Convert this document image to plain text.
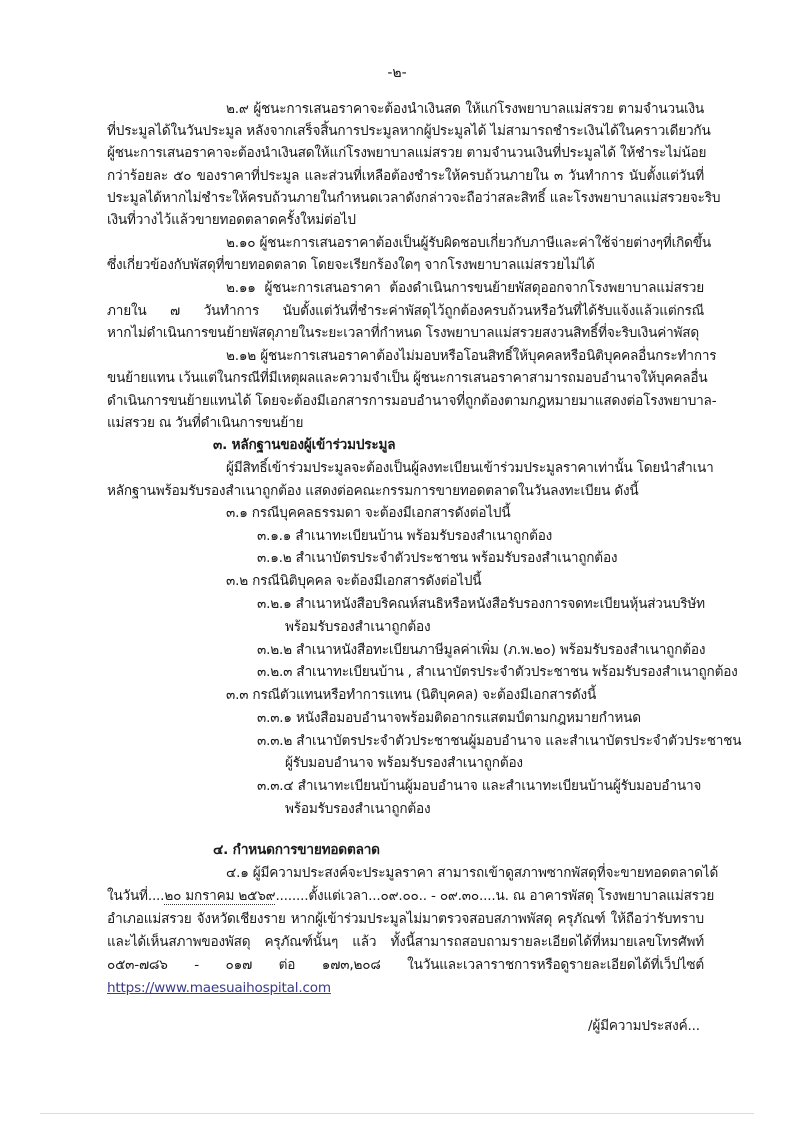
-๒-
๒.๙ ผู้ชนะการเสนอราคาจะต้องนำเงินสด ให้แก่โรงพยาบาลแม่สรวย ตามจำนวนเงิน
ที่ประมูลได้ในวันประมูล หลังจากเสร็จสิ้นการประมูลหากผู้ประมูลได้ ไม่สามารถชำระเงินได้ในคราวเดียวกัน
ผู้ชนะการเสนอราคาจะต้องนำเงินสดให้แก่โรงพยาบาลแม่สรวย ตามจำนวนเงินที่ประมูลได้ ให้ชำระไม่น้อย
กว่าร้อยละ ๕๐ ของราคาที่ประมูล และส่วนที่เหลือต้องชำระให้ครบถ้วนภายใน ๓ วันทำการ นับตั้งแต่วันที่
ประมูลได้หากไม่ชำระให้ครบถ้วนภายในกำหนดเวลาดังกล่าวจะถือว่าสละสิทธิ์ และโรงพยาบาลแม่สรวยจะริบ
เงินที่วางไว้แล้วขายทอดตลาดครั้งใหม่ต่อไป
๒.๑๐ ผู้ชนะการเสนอราคาต้องเป็นผู้รับผิดชอบเกี่ยวกับภาษีและค่าใช้จ่ายต่างๆที่เกิดขึ้น
ซึ่งเกี่ยวข้องกับพัสดุที่ขายทอดตลาด โดยจะเรียกร้องใดๆ จากโรงพยาบาลแม่สรวยไม่ได้
๒.๑๑ ผู้ชนะการเสนอราคา ต้องดำเนินการขนย้ายพัสดุออกจากโรงพยาบาลแม่สรวย
ภายใน ๗ วันทำการ นับตั้งแต่วันที่ชำระค่าพัสดุไว้ถูกต้องครบถ้วนหรือวันที่ได้รับแจ้งแล้วแต่กรณี
หากไม่ดำเนินการขนย้ายพัสดุภายในระยะเวลาที่กำหนด โรงพยาบาลแม่สรวยสงวนสิทธิ์ที่จะริบเงินค่าพัสดุ
๒.๑๒ ผู้ชนะการเสนอราคาต้องไม่มอบหรือโอนสิทธิ์ให้บุคคลหรือนิติบุคคลอื่นกระทำการ
ขนย้ายแทน เว้นแต่ในกรณีที่มีเหตุผลและความจำเป็น ผู้ชนะการเสนอราคาสามารถมอบอำนาจให้บุคคลอื่น
ดำเนินการขนย้ายแทนได้ โดยจะต้องมีเอกสารการมอบอำนาจที่ถูกต้องตามกฎหมายมาแสดงต่อโรงพยาบาล-
แม่สรวย ณ วันที่ดำเนินการขนย้าย
๓. หลักฐานของผู้เข้าร่วมประมูล
ผู้มีสิทธิ์เข้าร่วมประมูลจะต้องเป็นผู้ลงทะเบียนเข้าร่วมประมูลราคาเท่านั้น โดยนำสำเนา
หลักฐานพร้อมรับรองสำเนาถูกต้อง แสดงต่อคณะกรรมการขายทอดตลาดในวันลงทะเบียน ดังนี้
๓.๑ กรณีบุคคลธรรมดา จะต้องมีเอกสารดังต่อไปนี้
๓.๑.๑ สำเนาทะเบียนบ้าน พร้อมรับรองสำเนาถูกต้อง
๓.๑.๒ สำเนาบัตรประจำตัวประชาชน พร้อมรับรองสำเนาถูกต้อง
๓.๒ กรณีนิติบุคคล จะต้องมีเอกสารดังต่อไปนี้
๓.๒.๑ สำเนาหนังสือบริคณห์สนธิหรือหนังสือรับรองการจดทะเบียนหุ้นส่วนบริษัท
พร้อมรับรองสำเนาถูกต้อง
๓.๒.๒ สำเนาหนังสือทะเบียนภาษีมูลค่าเพิ่ม (ภ.พ.๒๐) พร้อมรับรองสำเนาถูกต้อง
๓.๒.๓ สำเนาทะเบียนบ้าน , สำเนาบัตรประจำตัวประชาชน พร้อมรับรองสำเนาถูกต้อง
๓.๓ กรณีตัวแทนหรือทำการแทน (นิติบุคคล) จะต้องมีเอกสารดังนี้
๓.๓.๑ หนังสือมอบอำนาจพร้อมติดอากรแสตมป์ตามกฎหมายกำหนด
๓.๓.๒ สำเนาบัตรประจำตัวประชาชนผู้มอบอำนาจ และสำเนาบัตรประจำตัวประชาชน
ผู้รับมอบอำนาจ พร้อมรับรองสำเนาถูกต้อง
๓.๓.๔ สำเนาทะเบียนบ้านผู้มอบอำนาจ และสำเนาทะเบียนบ้านผู้รับมอบอำนาจ
พร้อมรับรองสำเนาถูกต้อง
๔. กำหนดการขายทอดตลาด
๔.๑ ผู้มีความประสงค์จะประมูลราคา สามารถเข้าดูสภาพซากพัสดุที่จะขายทอดตลาดได้
ในวันที่....๒๐ มกราคม ๒๕๖๙........ตั้งแต่เวลา...๐๙.๐๐.. - ๐๙.๓๐....น. ณ อาคารพัสดุ โรงพยาบาลแม่สรวย
อำเภอแม่สรวย จังหวัดเชียงราย หากผู้เข้าร่วมประมูลไม่มาตรวจสอบสภาพพัสดุ ครุภัณฑ์ ให้ถือว่ารับทราบ
และได้เห็นสภาพของพัสดุ ครุภัณฑ์นั้นๆ แล้ว ทั้งนี้สามารถสอบถามรายละเอียดได้ที่หมายเลขโทรศัพท์
๐๕๓-๗๘๖ - ๐๑๗ ต่อ ๑๗๓,๒๐๘ ในวันและเวลาราชการหรือดูรายละเอียดได้ที่เว็ปไซต์
https://www.maesuaihospital.com
/ผู้มีความประสงค์...
